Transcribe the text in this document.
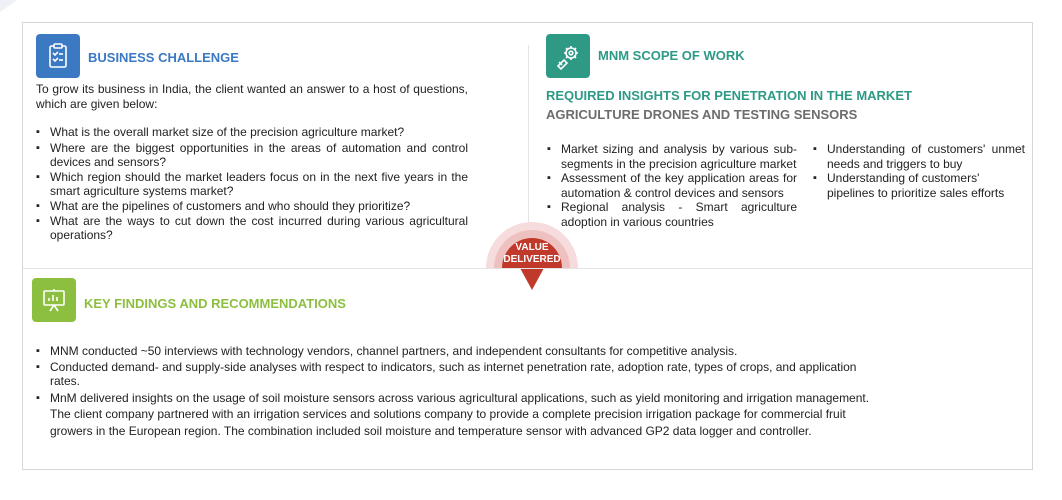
BUSINESS CHALLENGE
To grow its business in India, the client wanted an answer to a host of questions, which are given below:
▪ What is the overall market size of the precision agriculture market?
▪ Where are the biggest opportunities in the areas of automation and control devices and sensors?
▪ Which region should the market leaders focus on in the next five years in the smart agriculture systems market?
▪ What are the pipelines of customers and who should they prioritize?
▪ What are the ways to cut down the cost incurred during various agricultural operations?
MNM SCOPE OF WORK
REQUIRED INSIGHTS FOR PENETRATION IN THE MARKET
AGRICULTURE DRONES AND TESTING SENSORS
▪ Market sizing and analysis by various sub-segments in the precision agriculture market
▪ Assessment of the key application areas for automation & control devices and sensors
▪ Regional analysis - Smart agriculture adoption in various countries
▪ Understanding of customers' unmet needs and triggers to buy
▪ Understanding of customers' pipelines to prioritize sales efforts
VALUE
DELIVERED
KEY FINDINGS AND RECOMMENDATIONS
▪ MNM conducted ~50 interviews with technology vendors, channel partners, and independent consultants for competitive analysis.
▪ Conducted demand- and supply-side analyses with respect to indicators, such as internet penetration rate, adoption rate, types of crops, and application rates.
▪ MnM delivered insights on the usage of soil moisture sensors across various agricultural applications, such as yield monitoring and irrigation management. The client company partnered with an irrigation services and solutions company to provide a complete precision irrigation package for commercial fruit growers in the European region. The combination included soil moisture and temperature sensor with advanced GP2 data logger and controller.
